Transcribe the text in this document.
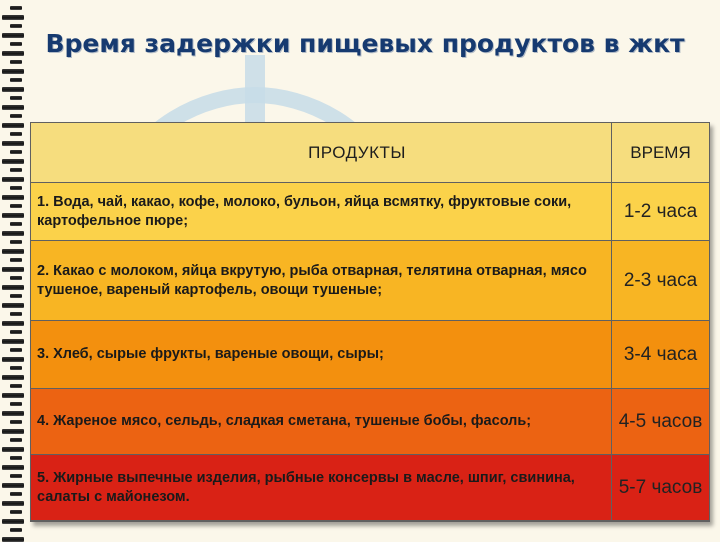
Время задержки пищевых продуктов в жкт
ПРОДУКТЫ	ВРЕМЯ
1. Вода, чай, какао, кофе, молоко, бульон, яйца всмятку, фруктовые соки, картофельное пюре;	1-2 часа
2. Какао с молоком, яйца вкрутую, рыба отварная, телятина отварная, мясо тушеное, вареный картофель, овощи тушеные;	2-3 часа
3. Хлеб, сырые фрукты, вареные овощи, сыры;	3-4 часа
4. Жареное мясо, сельдь, сладкая сметана, тушеные бобы, фасоль;	4-5 часов
5. Жирные выпечные изделия, рыбные консервы в масле, шпиг, свинина, салаты с майонезом.	5-7 часов
